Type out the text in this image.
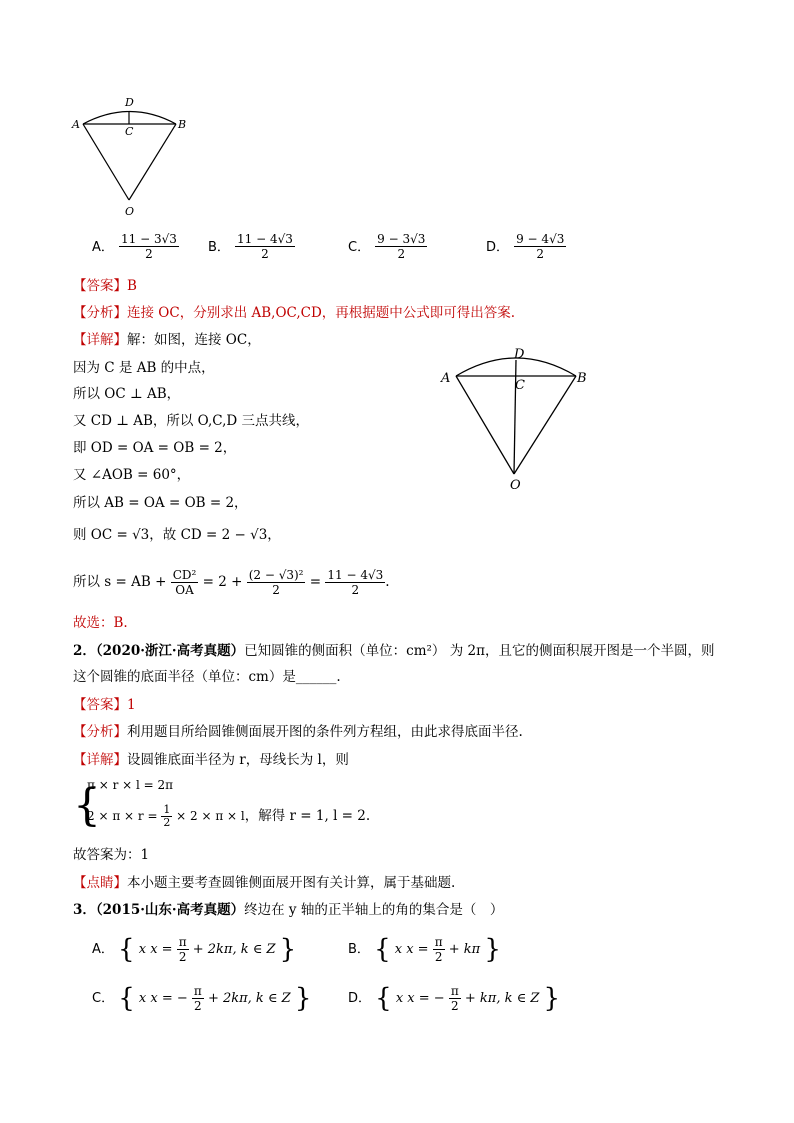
A	B
D
C
O
A． $\frac{11 - 3√3}{2}$ B． $\frac{11 - 4√3}{2}$	C． $\frac{9 - 3√3}{2}$	D． $\frac{9 - 4√3}{2}$
【答案】B
【分析】连接 OC，分别求出 AB,OC,CD，再根据题中公式即可得出答案.
【详解】解：如图，连接 OC，
因为 C 是 AB 的中点，
所以 OC ⊥ AB，
又 CD ⊥ AB，所以 O,C,D 三点共线，
即 OD = OA = OB = 2，
又 ∠AOB = 60°，
所以 AB = OA = OB = 2，
则 OC = √3，故 CD = 2 − √3，
所以 s = AB + $\frac{\text{CD²}}{OA} = 2 + \frac{\text{(2 − √3)²}}{2} = \frac{11 - 4√3}{2}$ .
故选：B.
A	B
D
C
O
2．（2020·浙江·高考真题）已知圆锥的侧面积（单位：cm²） 为 2π，且它的侧面积展开图是一个半圆，则
这个圆锥的底面半径（单位：cm）是______.
【答案】1
【分析】利用题目所给圆锥侧面展开图的条件列方程组，由此求得底面半径.
【详解】设圆锥底面半径为 r，母线长为 l，则
{
π × r × l = 2π
$2 \times \pi \times r = \frac{1}{2} \times 2 \times \pi \times l$，解得 r = 1, l = 2.
故答案为：1
【点睛】本小题主要考查圆锥侧面展开图有关计算，属于基础题.
3．（2015·山东·高考真题）终边在 y 轴的正半轴上的角的集合是（　）
A． { x $x = \frac{\pi}{2} + 2k\pi$, k ∈ Z }	B． { x $x = \frac{\pi}{2} + k\pi$ }
C． { x x = − $\frac{\pi}{2} + 2k\pi$, k ∈ Z }	D． { x x = − $\frac{\pi}{2} + k\pi$, k ∈ Z }
